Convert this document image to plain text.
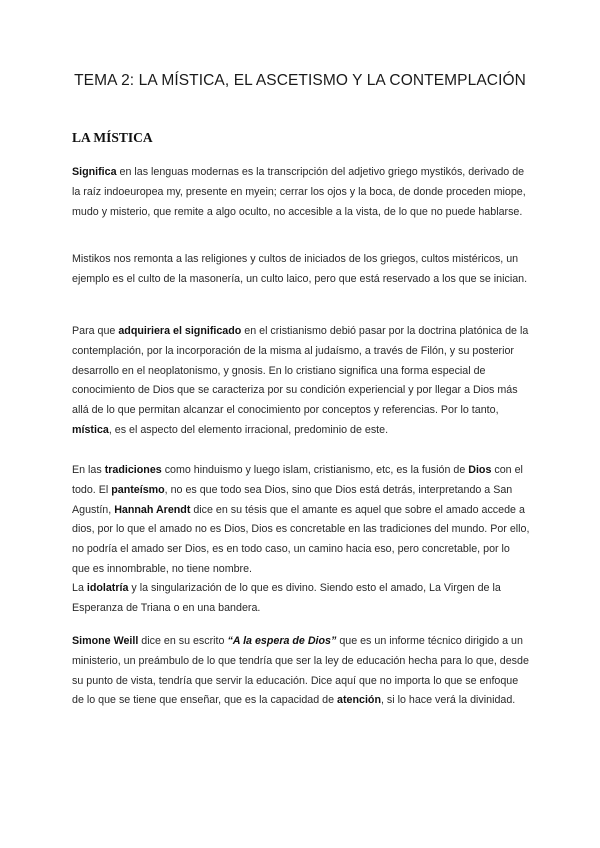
TEMA 2: LA MÍSTICA, EL ASCETISMO Y LA CONTEMPLACIÓN
LA MÍSTICA

Significa en las lenguas modernas es la transcripción del adjetivo griego mystikós, derivado de la raíz indoeuropea my, presente en myein; cerrar los ojos y la boca, de donde proceden miope, mudo y misterio, que remite a algo oculto, no accesible a la vista, de lo que no puede hablarse.

Mistikos nos remonta a las religiones y cultos de iniciados de los griegos, cultos mistéricos, un ejemplo es el culto de la masonería, un culto laico, pero que está reservado a los que se inician.

Para que adquiriera el significado en el cristianismo debió pasar por la doctrina platónica de la contemplación, por la incorporación de la misma al judaísmo, a través de Filón, y su posterior desarrollo en el neoplatonismo, y gnosis. En lo cristiano significa una forma especial de conocimiento de Dios que se caracteriza por su condición experiencial y por llegar a Dios más allá de lo que permitan alcanzar el conocimiento por conceptos y referencias. Por lo tanto, mística, es el aspecto del elemento irracional, predominio de este.

En las tradiciones como hinduismo y luego islam, cristianismo, etc, es la fusión de Dios con el todo. El panteísmo, no es que todo sea Dios, sino que Dios está detrás, interpretando a San Agustín, Hannah Arendt dice en su tésis que el amante es aquel que sobre el amado accede a dios, por lo que el amado no es Dios, Dios es concretable en las tradiciones del mundo. Por ello, no podría el amado ser Dios, es en todo caso, un camino hacia eso, pero concretable, por lo que es innombrable, no tiene nombre.

La idolatría y la singularización de lo que es divino. Siendo esto el amado, La Virgen de la Esperanza de Triana o en una bandera.

Simone Weill dice en su escrito “A la espera de Dios” que es un informe técnico dirigido a un ministerio, un preámbulo de lo que tendría que ser la ley de educación hecha para lo que, desde su punto de vista, tendría que servir la educación. Dice aquí que no importa lo que se enfoque de lo que se tiene que enseñar, que es la capacidad de atención, si lo hace verá la divinidad.
